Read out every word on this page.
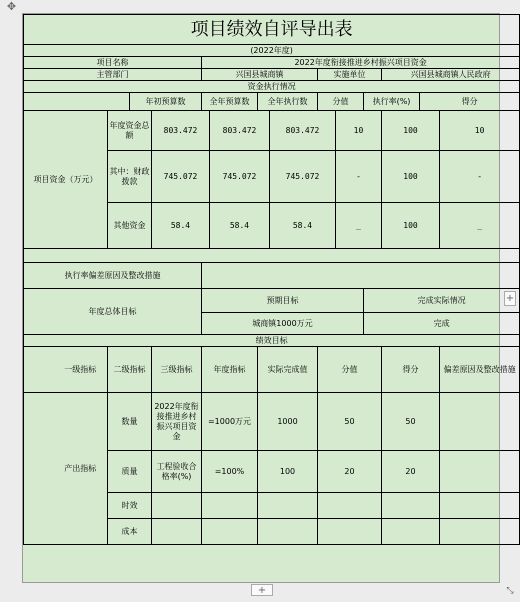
✥
项目绩效自评导出表														
(2022年度)														
项目名称					2022年度衔接推进乡村振兴项目资金									
主管部门					兴国县城商镇				实施单位			兴国县城商镇人民政府		
资金执行情况														
			年初预算数		全年预算数		全年执行数		分值		执行率(%)		得分	
项目资金（万元）		年度资金总额		803.472		803.472		803.472		10		100		10
		其中：财政拨款		745.072		745.072		745.072		-		100		-
		其他资金		58.4		58.4		58.4		_		100		_

执行率偏差原因及整改措施														
年度总体目标					预期目标						完成实际情况			
					城商镇1000万元						完成			
绩效目标														
	一级指标	二级指标		三级指标	年度指标		实际完成值		分值			得分		偏差原因及整改措施
	产出指标	数量		2022年度衔接推进乡村振兴项目资金	=1000万元		1000		50			50		
		质量		工程验收合格率(%)	=100%		100		20			20		
		时效												
		成本												
+
+	⤡
